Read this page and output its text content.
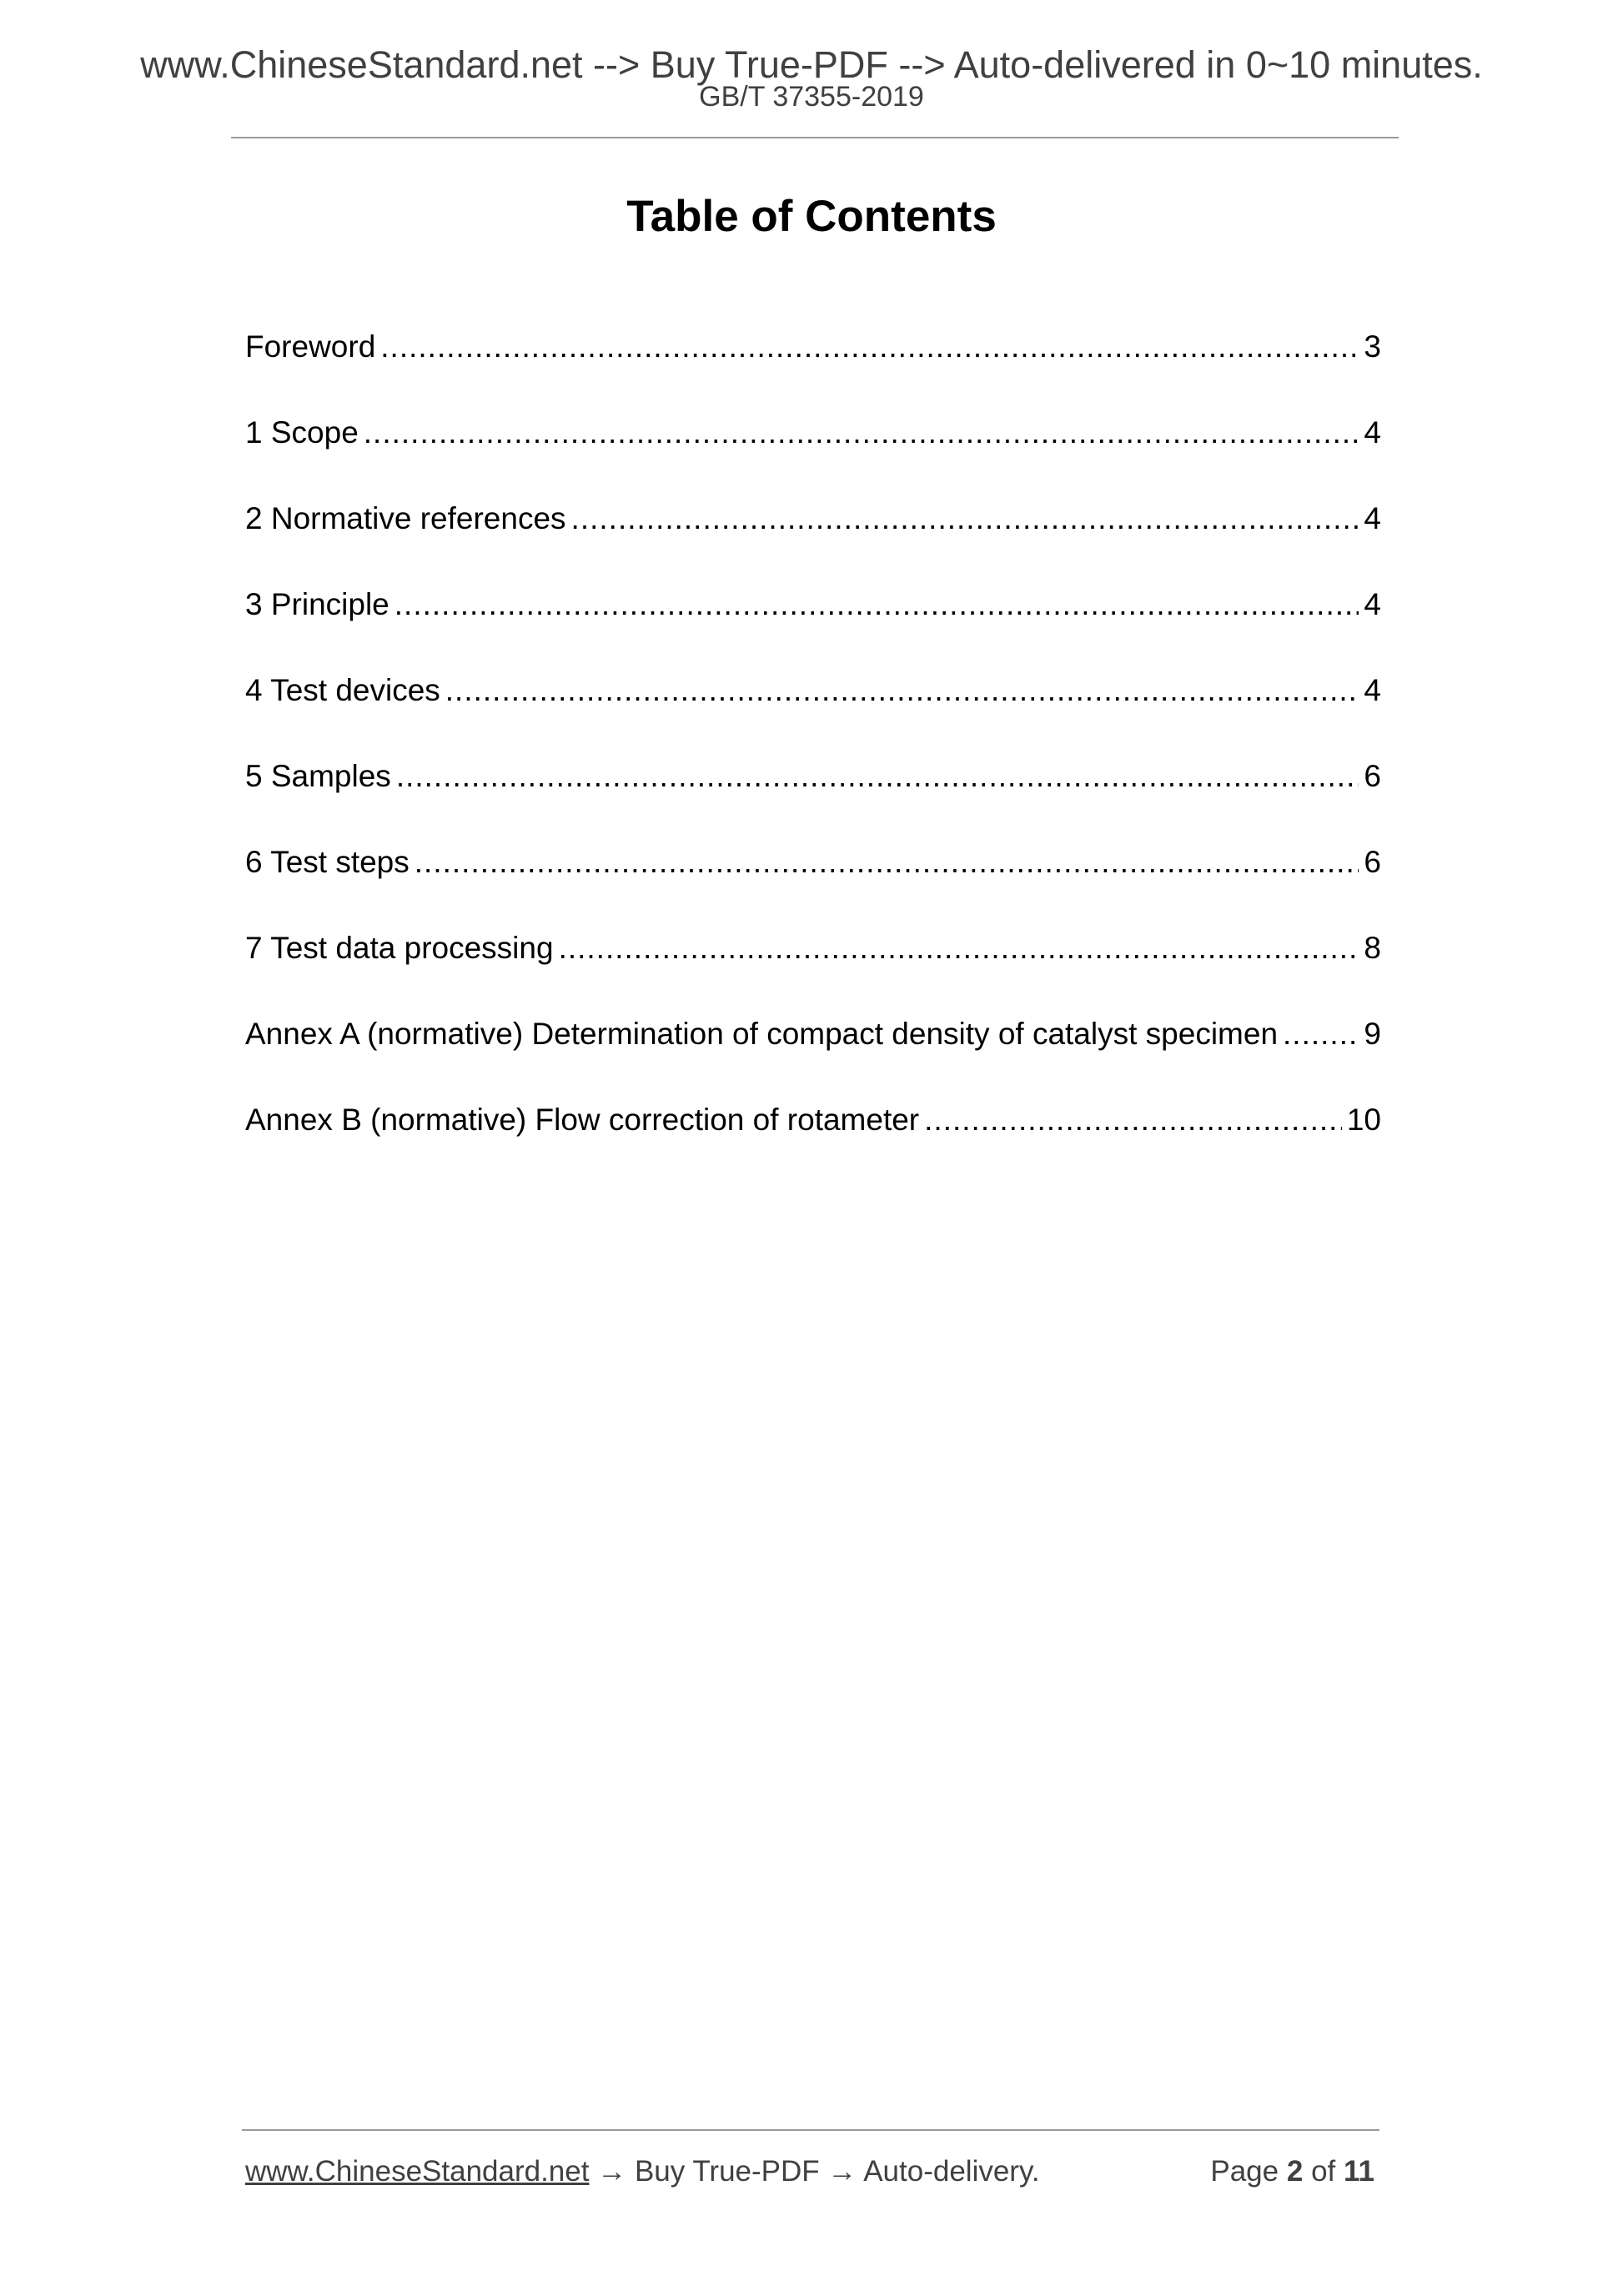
www.ChineseStandard.net --> Buy True-PDF --> Auto-delivered in 0~10 minutes.
GB/T 37355-2019
Table of Contents
Foreword .....	3
1 Scope .....	4
2 Normative references .....	4
3 Principle .....	4
4 Test devices .....	4
5 Samples .....	6
6 Test steps .....	6
7 Test data processing .....	8
Annex A (normative) Determination of compact density of catalyst specimen .....	9
Annex B (normative) Flow correction of rotameter .....	10
www.ChineseStandard.net → Buy True-PDF → Auto-delivery.	Page 2 of 11
